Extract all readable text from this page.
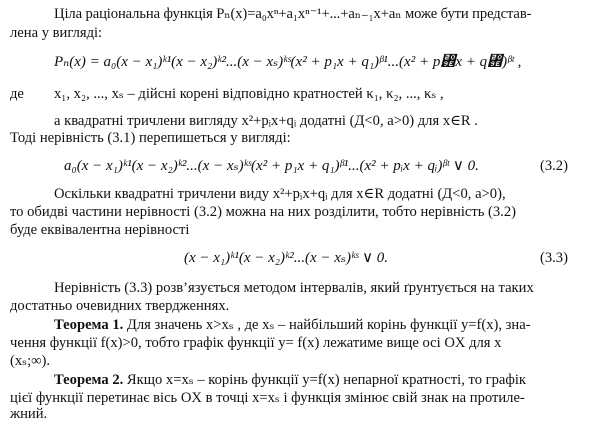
Ціла раціональна функція Pₙ(x)=a₀xⁿ+a₁xⁿ⁻¹+...+aₙ₋₁x+aₙ може бути представ-
лена у вигляді:
Pₙ(x) = a₀(x − x₁)ᵏ¹(x − x₂)ᵏ²...(x − xₛ)ᵏˢ(x² + p₁x + q₁)ᵝ¹...(x² + p₞x + q₞)ᵝᵗ ,
де x₁, x₂, ..., xₛ – дійсні корені відповідно кратностей κ₁, κ₂, ..., κₛ ,
а квадратні тричлени вигляду x²+pᵢx+qᵢ додатні (Д<0, a>0) для x∈R .
Тоді нерівність (3.1) перепишеться у вигляді:
a₀(x − x₁)ᵏ¹(x − x₂)ᵏ²...(x − xₛ)ᵏˢ(x² + p₁x + q₁)ᵝ¹...(x² + pᵢx + qᵢ)ᵝᵗ ∨ 0.	(3.2)
Оскільки квадратні тричлени виду x²+pᵢx+qᵢ для x∈R додатні (Д<0, a>0),
то обидві частини нерівності (3.2) можна на них розділити, тобто нерівність (3.2)
буде еквівалентна нерівності
(x − x₁)ᵏ¹(x − x₂)ᵏ²...(x − xₛ)ᵏˢ ∨ 0.	(3.3)
Нерівність (3.3) розв’язується методом інтервалів, який ґрунтується на таких
достатньо очевидних твердженнях.
Теорема 1. Для значень x>xₛ , де xₛ – найбільший корінь функції y=f(x), зна-
чення функції f(x)>0, тобто графік функції y= f(x) лежатиме вище осі OX для x
(xₛ;∞).
Теорема 2. Якщо x=xₛ – корінь функції y=f(x) непарної кратності, то графік
цієї функції перетинає вісь OX в точці x=xₛ і функція змінює свій знак на протиле-
жний.
